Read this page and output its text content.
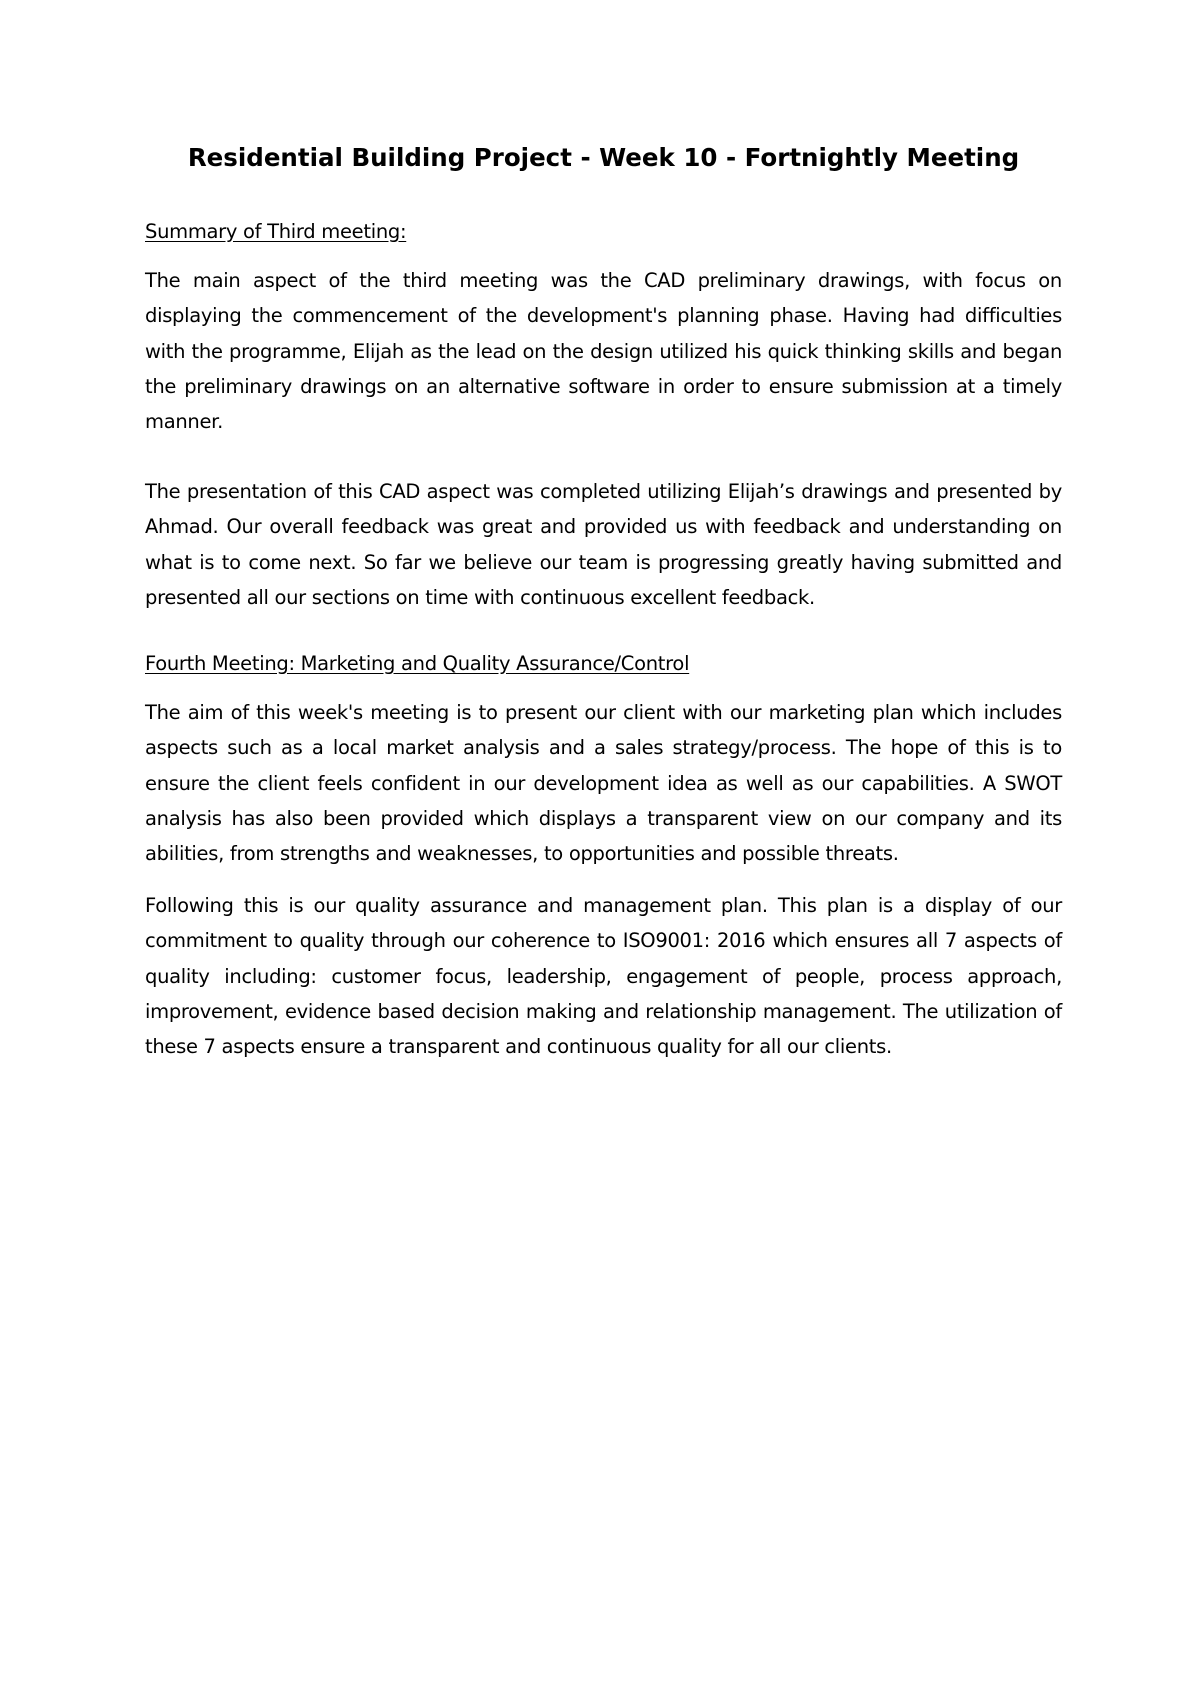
Residential Building Project - Week 10 - Fortnightly Meeting
Summary of Third meeting:

The main aspect of the third meeting was the CAD preliminary drawings, with focus on displaying the commencement of the development's planning phase. Having had difficulties with the programme, Elijah as the lead on the design utilized his quick thinking skills and began the preliminary drawings on an alternative software in order to ensure submission at a timely manner.

The presentation of this CAD aspect was completed utilizing Elijah’s drawings and presented by Ahmad. Our overall feedback was great and provided us with feedback and understanding on what is to come next. So far we believe our team is progressing greatly having submitted and presented all our sections on time with continuous excellent feedback.

Fourth Meeting: Marketing and Quality Assurance/Control

The aim of this week's meeting is to present our client with our marketing plan which includes aspects such as a local market analysis and a sales strategy/process. The hope of this is to ensure the client feels confident in our development idea as well as our capabilities. A SWOT analysis has also been provided which displays a transparent view on our company and its abilities, from strengths and weaknesses, to opportunities and possible threats.

Following this is our quality assurance and management plan. This plan is a display of our commitment to quality through our coherence to ISO9001: 2016 which ensures all 7 aspects of quality including: customer focus, leadership, engagement of people, process approach, improvement, evidence based decision making and relationship management. The utilization of these 7 aspects ensure a transparent and continuous quality for all our clients.
